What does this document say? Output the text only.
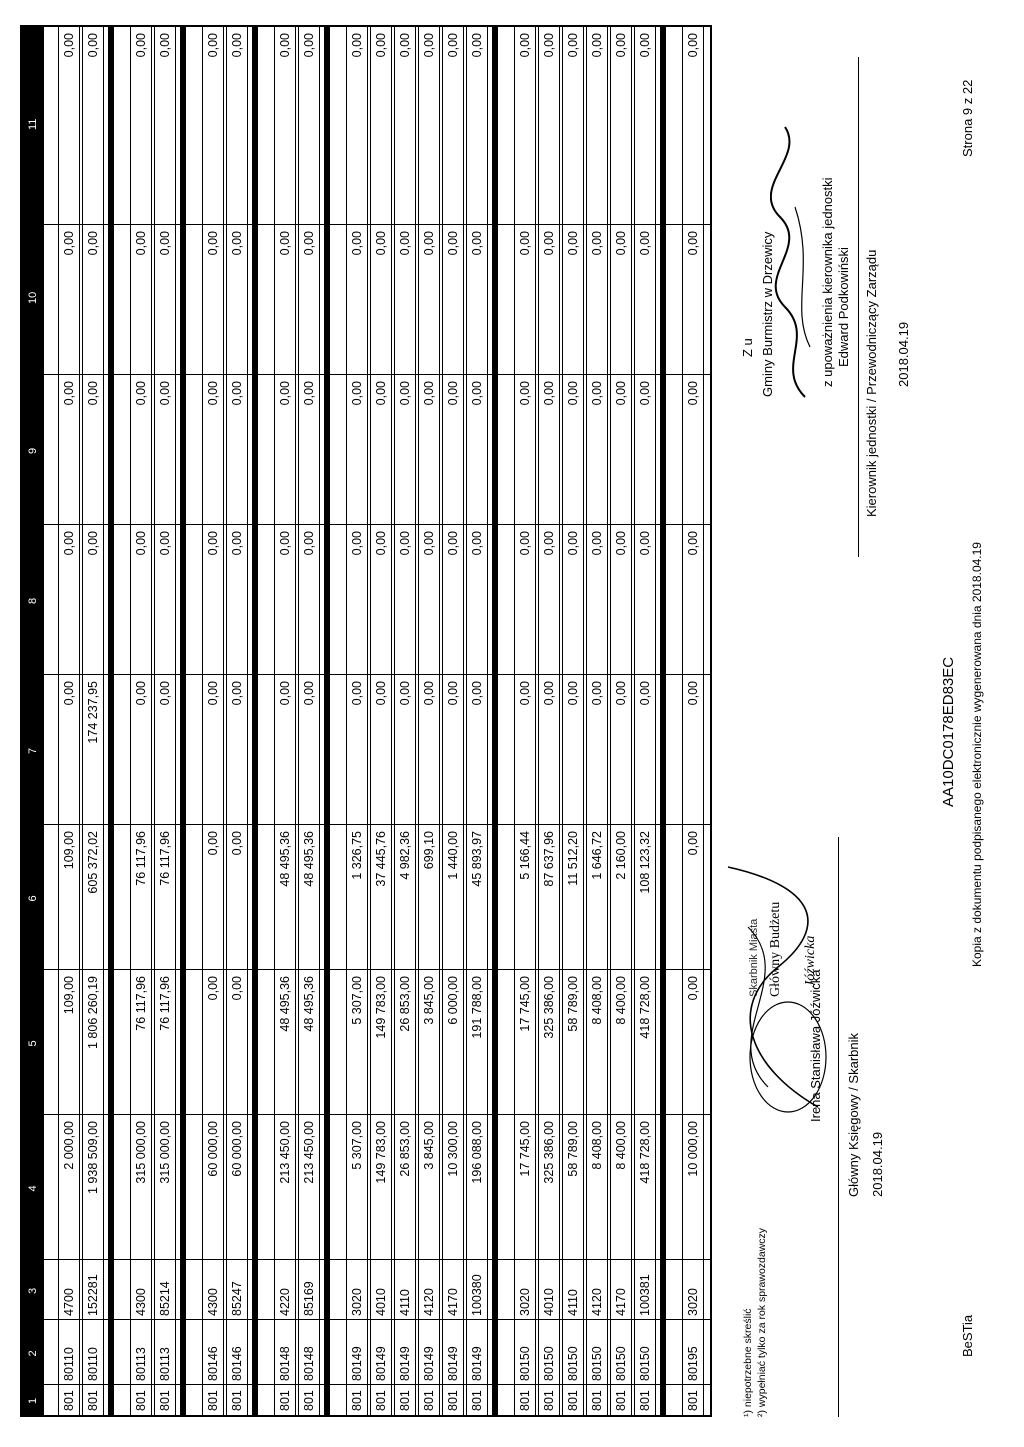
1
2
3
4
5
6
7
8
9
10
11
801
80110
4700
2 000,00
109,00
109,00
0,00
0,00
0,00
0,00
0,00
801
80110
152281
1 938 509,00
1 806 260,19
605 372,02
174 237,95
0,00
0,00
0,00
0,00
801
80113
4300
315 000,00
76 117,96
76 117,96
0,00
0,00
0,00
0,00
0,00
801
80113
85214
315 000,00
76 117,96
76 117,96
0,00
0,00
0,00
0,00
0,00
801
80146
4300
60 000,00
0,00
0,00
0,00
0,00
0,00
0,00
0,00
801
80146
85247
60 000,00
0,00
0,00
0,00
0,00
0,00
0,00
0,00
801
80148
4220
213 450,00
48 495,36
48 495,36
0,00
0,00
0,00
0,00
0,00
801
80148
85169
213 450,00
48 495,36
48 495,36
0,00
0,00
0,00
0,00
0,00
801
80149
3020
5 307,00
5 307,00
1 326,75
0,00
0,00
0,00
0,00
0,00
801
80149
4010
149 783,00
149 783,00
37 445,76
0,00
0,00
0,00
0,00
0,00
801
80149
4110
26 853,00
26 853,00
4 982,36
0,00
0,00
0,00
0,00
0,00
801
80149
4120
3 845,00
3 845,00
699,10
0,00
0,00
0,00
0,00
0,00
801
80149
4170
10 300,00
6 000,00
1 440,00
0,00
0,00
0,00
0,00
0,00
801
80149
100380
196 088,00
191 788,00
45 893,97
0,00
0,00
0,00
0,00
0,00
801
80150
3020
17 745,00
17 745,00
5 166,44
0,00
0,00
0,00
0,00
0,00
801
80150
4010
325 386,00
325 386,00
87 637,96
0,00
0,00
0,00
0,00
0,00
801
80150
4110
58 789,00
58 789,00
11 512,20
0,00
0,00
0,00
0,00
0,00
801
80150
4120
8 408,00
8 408,00
1 646,72
0,00
0,00
0,00
0,00
0,00
801
80150
4170
8 400,00
8 400,00
2 160,00
0,00
0,00
0,00
0,00
0,00
801
80150
100381
418 728,00
418 728,00
108 123,32
0,00
0,00
0,00
0,00
0,00
801
80195
3020
10 000,00
0,00
0,00
0,00
0,00
0,00
0,00
0,00
¹) niepotrzebne skreślić ²) wypełniać tylko za rok sprawozdawczy
Irena Stanisława Jóźwicka
Skarbnik Miasta Główny Budżetu Jóźwicka
Główny Księgowy / Skarbnik 2018.04.19
Z u Gminy Burmistrz w Drzewicy	z upoważnienia kierownika jednostki Edward Podkowiński Kierownik jednostki / Przewodniczący Zarządu 2018.04.19
BeSTia
AA10DC0178ED83EC Kopia z dokumentu podpisanego elektronicznie wygenerowana dnia 2018.04.19
Strona 9 z 22
